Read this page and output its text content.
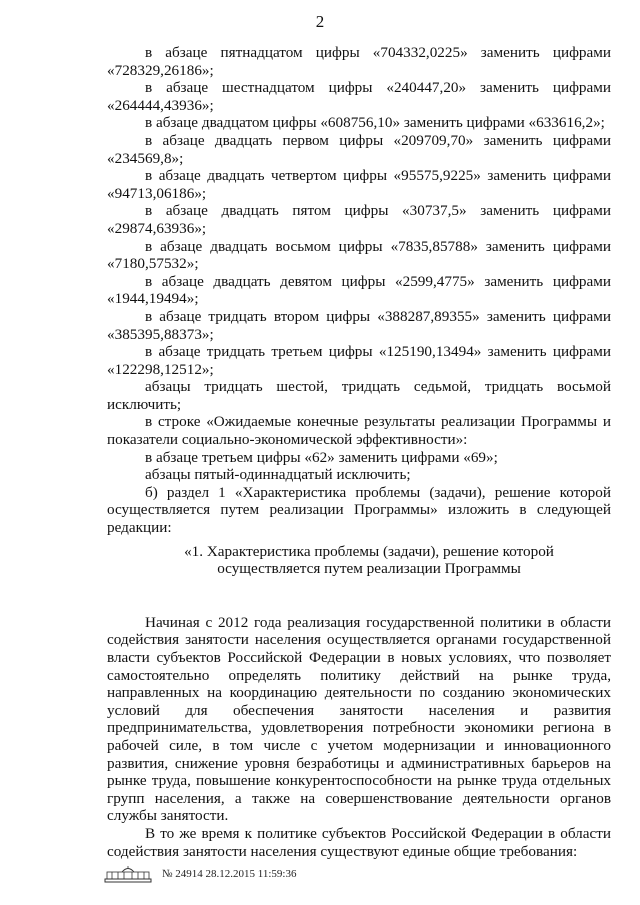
2

в абзаце пятнадцатом цифры «704332,0225» заменить цифрами «728329,26186»;

в абзаце шестнадцатом цифры «240447,20» заменить цифрами «264444,43936»;

в абзаце двадцатом цифры «608756,10» заменить цифрами «633616,2»;

в абзаце двадцать первом цифры «209709,70» заменить цифрами «234569,8»;

в абзаце двадцать четвертом цифры «95575,9225» заменить цифрами «94713,06186»;

в абзаце двадцать пятом цифры «30737,5» заменить цифрами «29874,63936»;

в абзаце двадцать восьмом цифры «7835,85788» заменить цифрами «7180,57532»;

в абзаце двадцать девятом цифры «2599,4775» заменить цифрами «1944,19494»;

в абзаце тридцать втором цифры «388287,89355» заменить цифрами «385395,88373»;

в абзаце тридцать третьем цифры «125190,13494» заменить цифрами «122298,12512»;

абзацы тридцать шестой, тридцать седьмой, тридцать восьмой исключить;

в строке «Ожидаемые конечные результаты реализации Программы и показатели социально-экономической эффективности»:

в абзаце третьем цифры «62» заменить цифрами «69»;

абзацы пятый-одиннадцатый исключить;

б) раздел 1 «Характеристика проблемы (задачи), решение которой осуществляется путем реализации Программы» изложить в следующей редакции:

«1. Характеристика проблемы (задачи), решение которой
осуществляется путем реализации Программы

Начиная с 2012 года реализация государственной политики в области содействия занятости населения осуществляется органами государственной власти субъектов Российской Федерации в новых условиях, что позволяет самостоятельно определять политику действий на рынке труда, направленных на координацию деятельности по созданию экономических условий для обеспечения занятости населения и развития предпринимательства, удовлетворения потребности экономики региона в рабочей силе, в том числе с учетом модернизации и инновационного развития, снижение уровня безработицы и административных барьеров на рынке труда, повышение конкурентоспособности на рынке труда отдельных групп населения, а также на совершенствование деятельности органов службы занятости.

В то же время к политике субъектов Российской Федерации в области содействия занятости населения существуют единые общие требования:

№ 24914 28.12.2015 11:59:36
